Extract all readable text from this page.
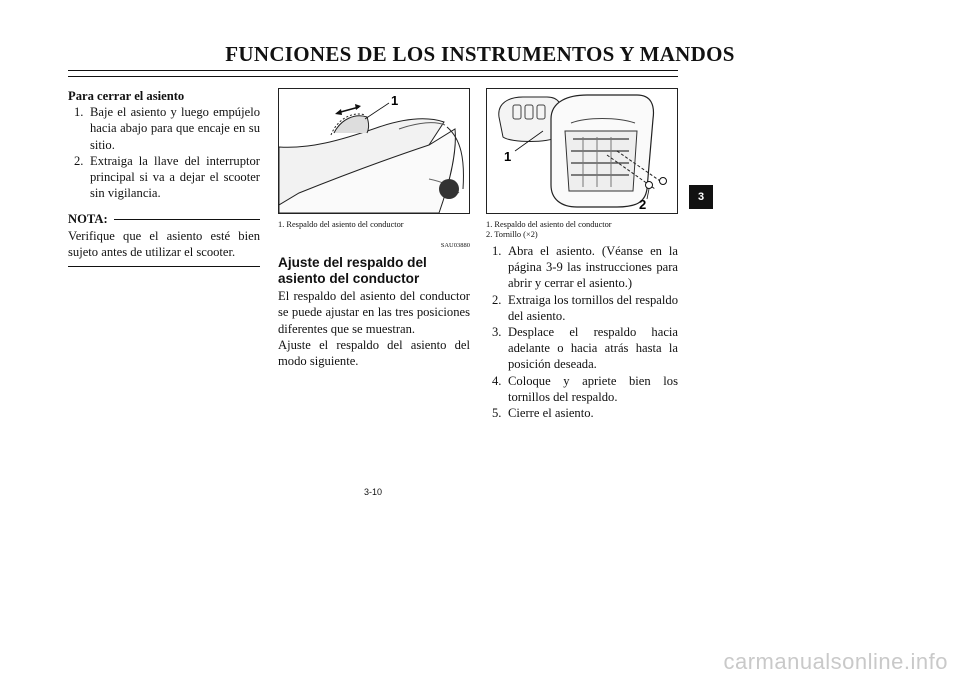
FUNCIONES DE LOS INSTRUMENTOS Y MANDOS
Para cerrar el asiento
1. Baje el asiento y luego empújelo hacia abajo para que encaje en su sitio.
2. Extraiga la llave del interruptor principal si va a dejar el scooter sin vigilancia.
NOTA:

Verifique que el asiento esté bien sujeto antes de utilizar el scooter.

1
1. Respaldo del asiento del conductor
SAU03880
Ajuste del respaldo del asiento del conductor

El respaldo del asiento del conductor se puede ajustar en las tres posiciones diferentes que se muestran.

Ajuste el respaldo del asiento del modo siguiente.

1
2
1. Respaldo del asiento del conductor
2. Tornillo (×2)
1. Abra el asiento. (Véanse en la página 3-9 las instrucciones para abrir y cerrar el asiento.)
2. Extraiga los tornillos del respaldo del asiento.
3. Desplace el respaldo hacia adelante o hacia atrás hasta la posición deseada.
4. Coloque y apriete bien los tornillos del respaldo.
5. Cierre el asiento.
3
3-10
carmanualsonline.info
